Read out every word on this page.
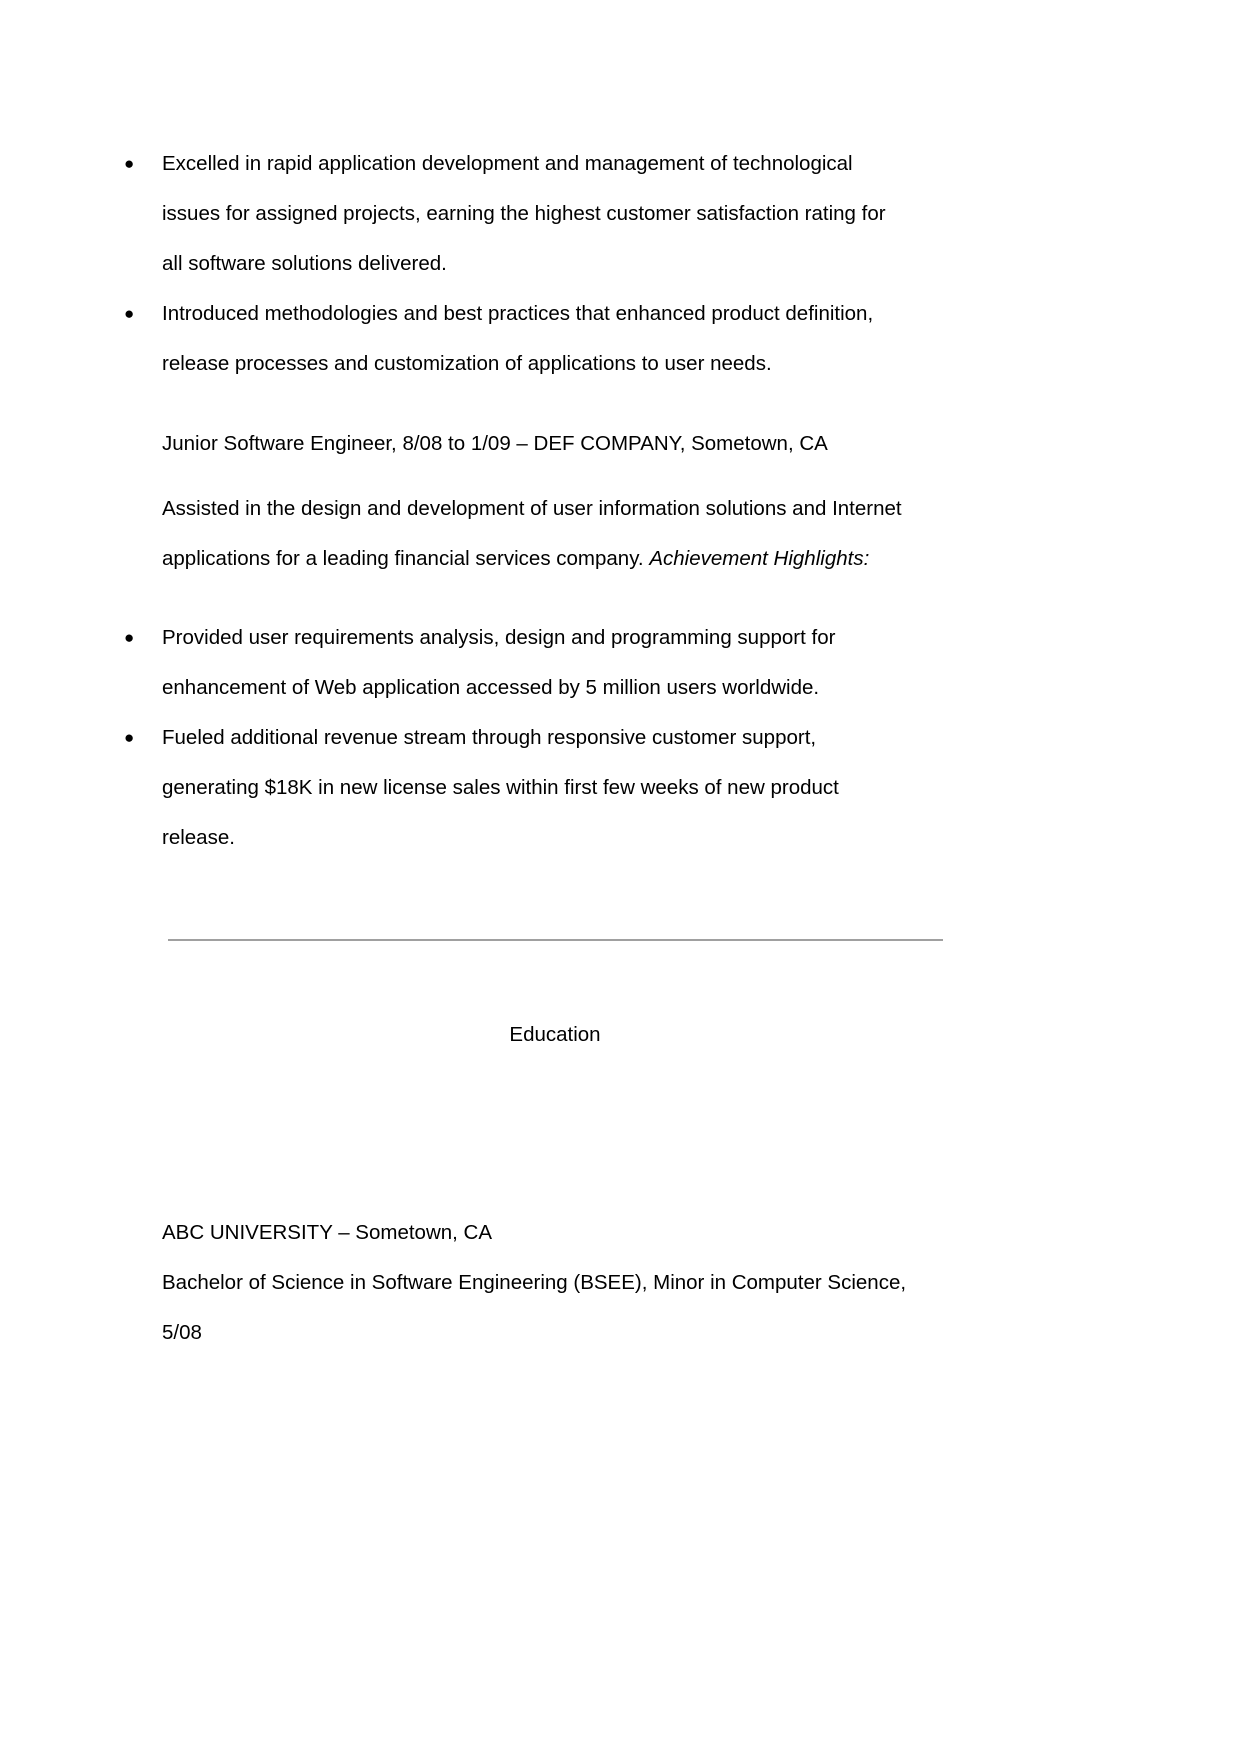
● Excelled in rapid application development and management of technological
issues for assigned projects, earning the highest customer satisfaction rating for
all software solutions delivered.
● Introduced methodologies and best practices that enhanced product definition,
release processes and customization of applications to user needs.
Junior Software Engineer, 8/08 to 1/09 – DEF COMPANY, Sometown, CA
Assisted in the design and development of user information solutions and Internet
applications for a leading financial services company. Achievement Highlights:
● Provided user requirements analysis, design and programming support for
enhancement of Web application accessed by 5 million users worldwide.
● Fueled additional revenue stream through responsive customer support,
generating $18K in new license sales within first few weeks of new product
release.
Education
ABC UNIVERSITY – Sometown, CA
Bachelor of Science in Software Engineering (BSEE), Minor in Computer Science,
5/08
